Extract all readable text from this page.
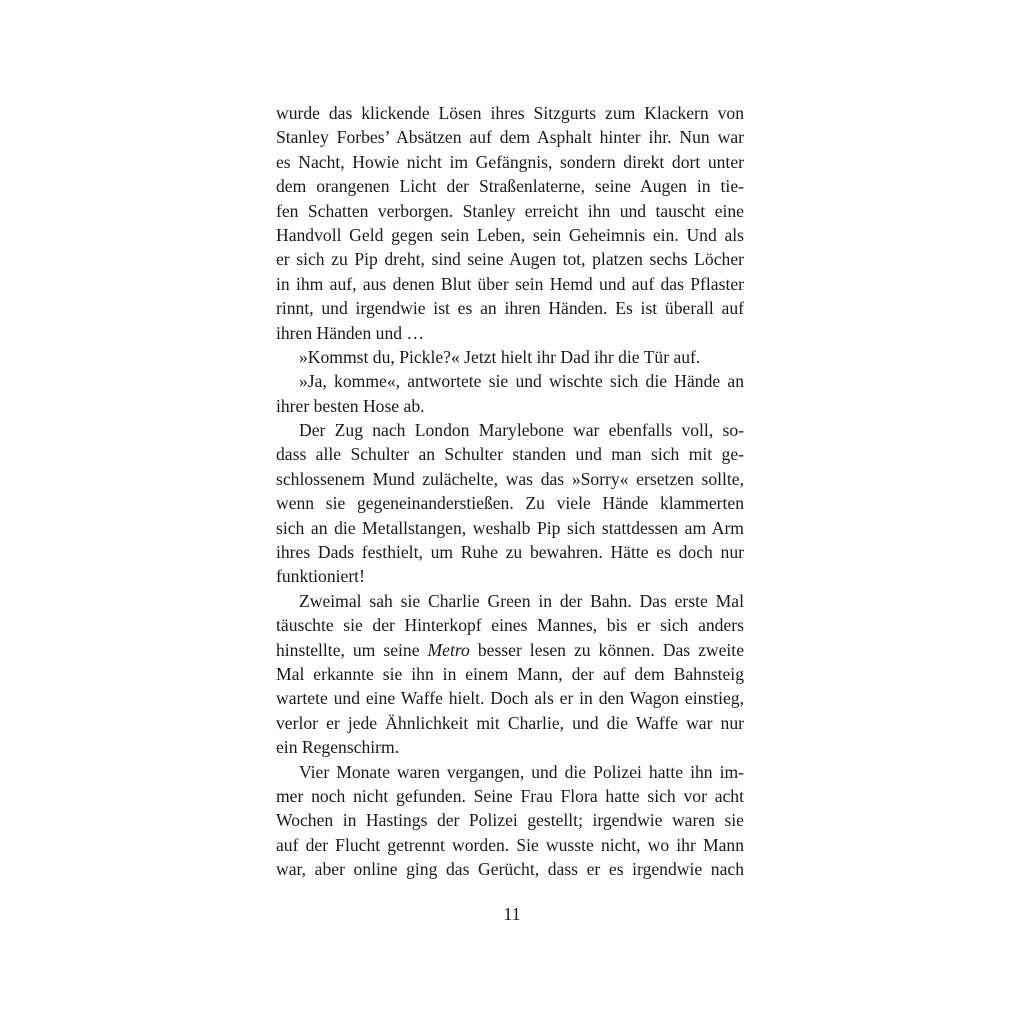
wurde das klickende Lösen ihres Sitzgurts zum Klackern von
Stanley Forbes’ Absätzen auf dem Asphalt hinter ihr. Nun war
es Nacht, Howie nicht im Gefängnis, sondern direkt dort unter
dem orangenen Licht der Straßenlaterne, seine Augen in tie-
fen Schatten verborgen. Stanley erreicht ihn und tauscht eine
Handvoll Geld gegen sein Leben, sein Geheimnis ein. Und als
er sich zu Pip dreht, sind seine Augen tot, platzen sechs Löcher
in ihm auf, aus denen Blut über sein Hemd und auf das Pflaster
rinnt, und irgendwie ist es an ihren Händen. Es ist überall auf
ihren Händen und …
»Kommst du, Pickle?« Jetzt hielt ihr Dad ihr die Tür auf.
»Ja, komme«, antwortete sie und wischte sich die Hände an
ihrer besten Hose ab.
Der Zug nach London Marylebone war ebenfalls voll, so-
dass alle Schulter an Schulter standen und man sich mit ge-
schlossenem Mund zulächelte, was das »Sorry« ersetzen sollte,
wenn sie gegeneinanderstießen. Zu viele Hände klammerten
sich an die Metallstangen, weshalb Pip sich stattdessen am Arm
ihres Dads festhielt, um Ruhe zu bewahren. Hätte es doch nur
funktioniert!
Zweimal sah sie Charlie Green in der Bahn. Das erste Mal
täuschte sie der Hinterkopf eines Mannes, bis er sich anders
hinstellte, um seine Metro besser lesen zu können. Das zweite
Mal erkannte sie ihn in einem Mann, der auf dem Bahnsteig
wartete und eine Waffe hielt. Doch als er in den Wagon einstieg,
verlor er jede Ähnlichkeit mit Charlie, und die Waffe war nur
ein Regenschirm.
Vier Monate waren vergangen, und die Polizei hatte ihn im-
mer noch nicht gefunden. Seine Frau Flora hatte sich vor acht
Wochen in Hastings der Polizei gestellt; irgendwie waren sie
auf der Flucht getrennt worden. Sie wusste nicht, wo ihr Mann
war, aber online ging das Gerücht, dass er es irgendwie nach
11
